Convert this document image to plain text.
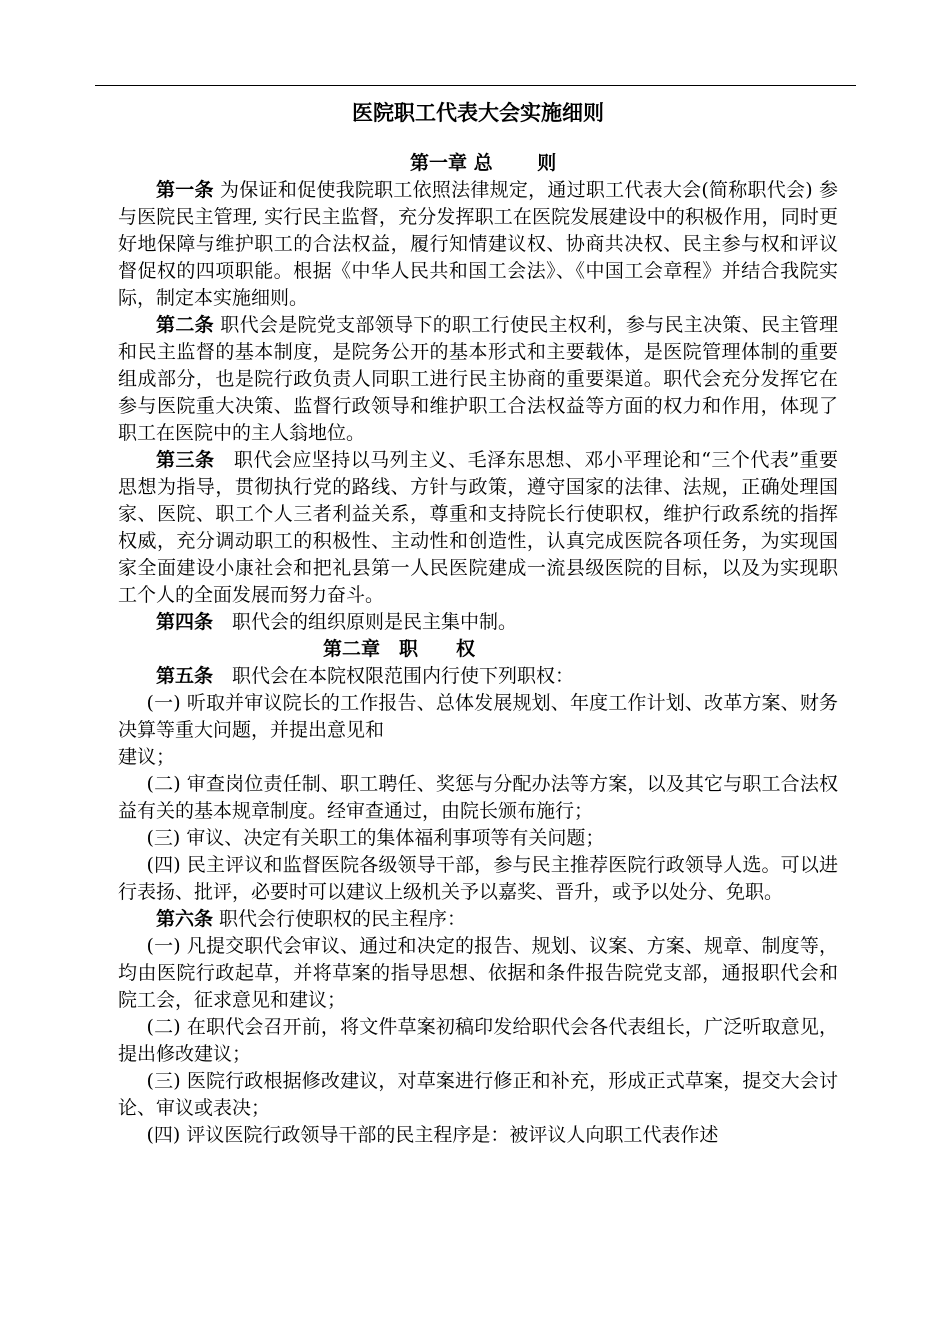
医院职工代表大会实施细则
第一章 总 　　则

第一条 为保证和促使我院职工依照法律规定，通过职工代表大会(简称职代会) 参与医院民主管理, 实行民主监督，充分发挥职工在医院发展建设中的积极作用，同时更好地保障与维护职工的合法权益，履行知情建议权、协商共决权、民主参与权和评议督促权的四项职能。根据《中华人民共和国工会法》、《中国工会章程》并结合我院实际，制定本实施细则。

第二条 职代会是院党支部领导下的职工行使民主权利，参与民主决策、民主管理和民主监督的基本制度，是院务公开的基本形式和主要载体，是医院管理体制的重要组成部分，也是院行政负责人同职工进行民主协商的重要渠道。职代会充分发挥它在参与医院重大决策、监督行政领导和维护职工合法权益等方面的权力和作用，体现了职工在医院中的主人翁地位。

第三条　职代会应坚持以马列主义、毛泽东思想、邓小平理论和“三个代表”重要思想为指导，贯彻执行党的路线、方针与政策，遵守国家的法律、法规，正确处理国家、医院、职工个人三者利益关系，尊重和支持院长行使职权，维护行政系统的指挥权威，充分调动职工的积极性、主动性和创造性，认真完成医院各项任务，为实现国家全面建设小康社会和把礼县第一人民医院建成一流县级医院的目标，以及为实现职工个人的全面发展而努力奋斗。

第四条　职代会的组织原则是民主集中制。

第二章　职　　权

第五条　职代会在本院权限范围内行使下列职权：

(一) 听取并审议院长的工作报告、总体发展规划、年度工作计划、改革方案、财务决算等重大问题，并提出意见和

建议；

(二) 审查岗位责任制、职工聘任、奖惩与分配办法等方案，以及其它与职工合法权益有关的基本规章制度。经审查通过，由院长颁布施行；

(三) 审议、决定有关职工的集体福利事项等有关问题；

(四) 民主评议和监督医院各级领导干部，参与民主推荐医院行政领导人选。可以进行表扬、批评，必要时可以建议上级机关予以嘉奖、晋升，或予以处分、免职。

第六条 职代会行使职权的民主程序：

(一) 凡提交职代会审议、通过和决定的报告、规划、议案、方案、规章、制度等，均由医院行政起草，并将草案的指导思想、依据和条件报告院党支部，通报职代会和院工会，征求意见和建议；

(二) 在职代会召开前，将文件草案初稿印发给职代会各代表组长，广泛听取意见，提出修改建议；

(三) 医院行政根据修改建议，对草案进行修正和补充，形成正式草案，提交大会讨论、审议或表决；

(四) 评议医院行政领导干部的民主程序是：被评议人向职工代表作述
